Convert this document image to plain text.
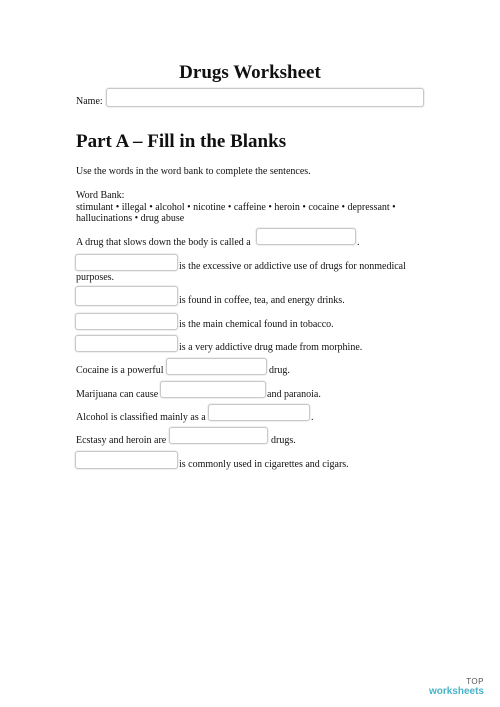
Drugs Worksheet
Name:
Part A – Fill in the Blanks
Use the words in the word bank to complete the sentences.
Word Bank:
stimulant • illegal • alcohol • nicotine • caffeine • heroin • cocaine • depressant •
hallucinations • drug abuse
A drug that slows down the body is called a	.
is the excessive or addictive use of drugs for nonmedical
purposes.
is found in coffee, tea, and energy drinks.
is the main chemical found in tobacco.
is a very addictive drug made from morphine.
Cocaine is a powerful	drug.
Marijuana can cause	and paranoia.
Alcohol is classified mainly as a	.
Ecstasy and heroin are	drugs.
is commonly used in cigarettes and cigars.
TOP
worksheets
